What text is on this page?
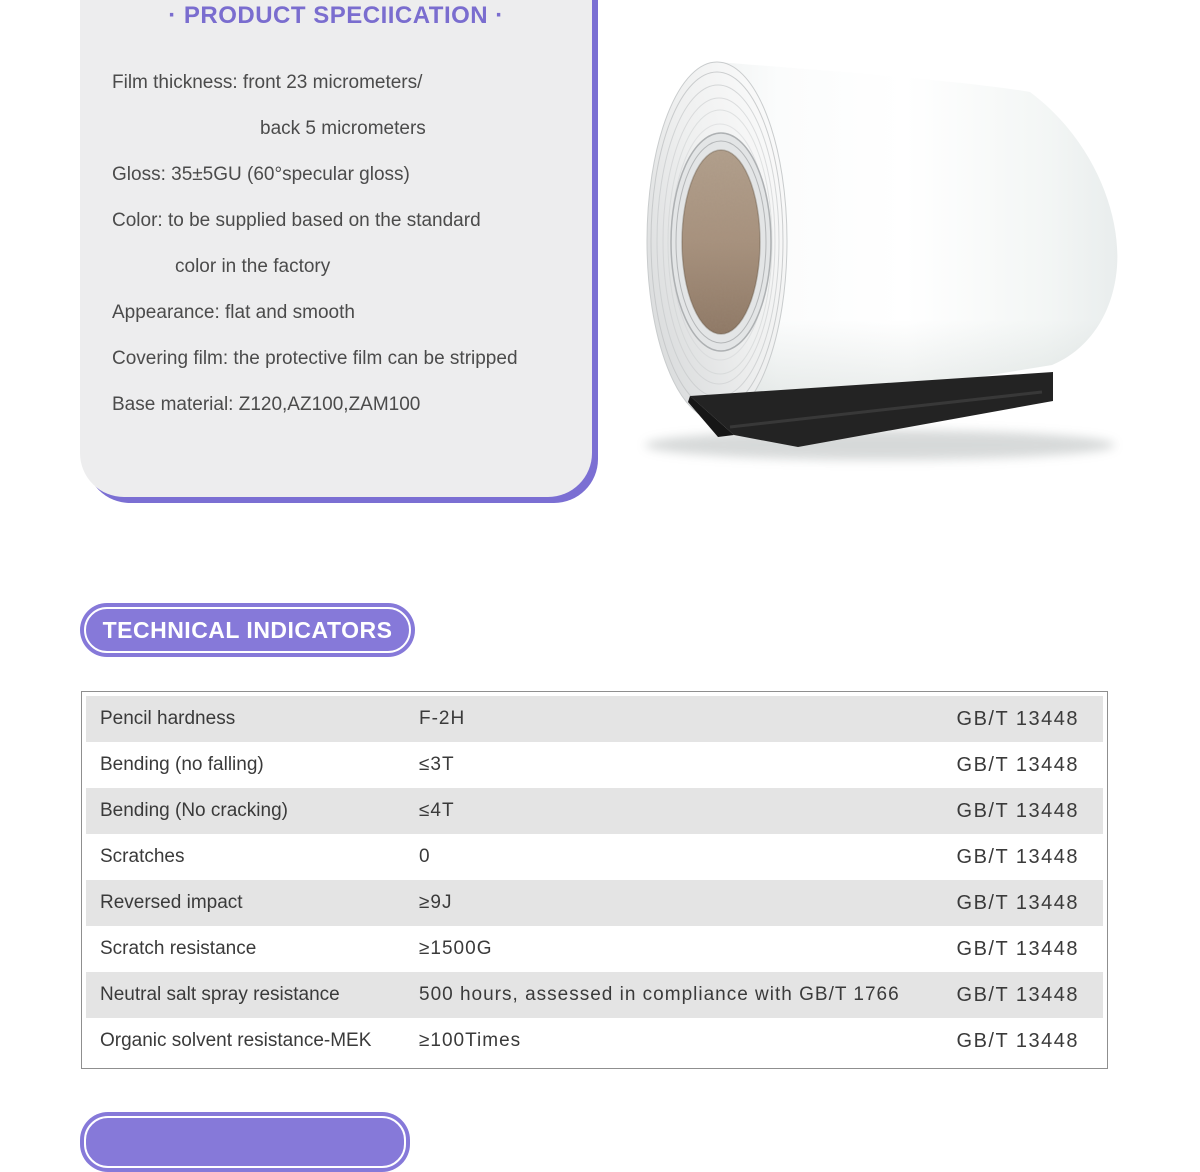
· PRODUCT SPECIICATION ·
Film thickness: front 23 micrometers/
back 5 micrometers
Gloss: 35±5GU (60°specular gloss)
Color: to be supplied based on the standard
color in the factory
Appearance: flat and smooth
Covering film: the protective film can be stripped
Base material: Z120,AZ100,ZAM100
TECHNICAL INDICATORS
Pencil hardness	F-2H	GB/T 13448
Bending (no falling)	≤3T	GB/T 13448
Bending (No cracking)	≤4T	GB/T 13448
Scratches	0	GB/T 13448
Reversed impact	≥9J	GB/T 13448
Scratch resistance	≥1500G	GB/T 13448
Neutral salt spray resistance	500 hours, assessed in compliance with GB/T 1766	GB/T 13448
Organic solvent resistance-MEK	≥100Times	GB/T 13448
